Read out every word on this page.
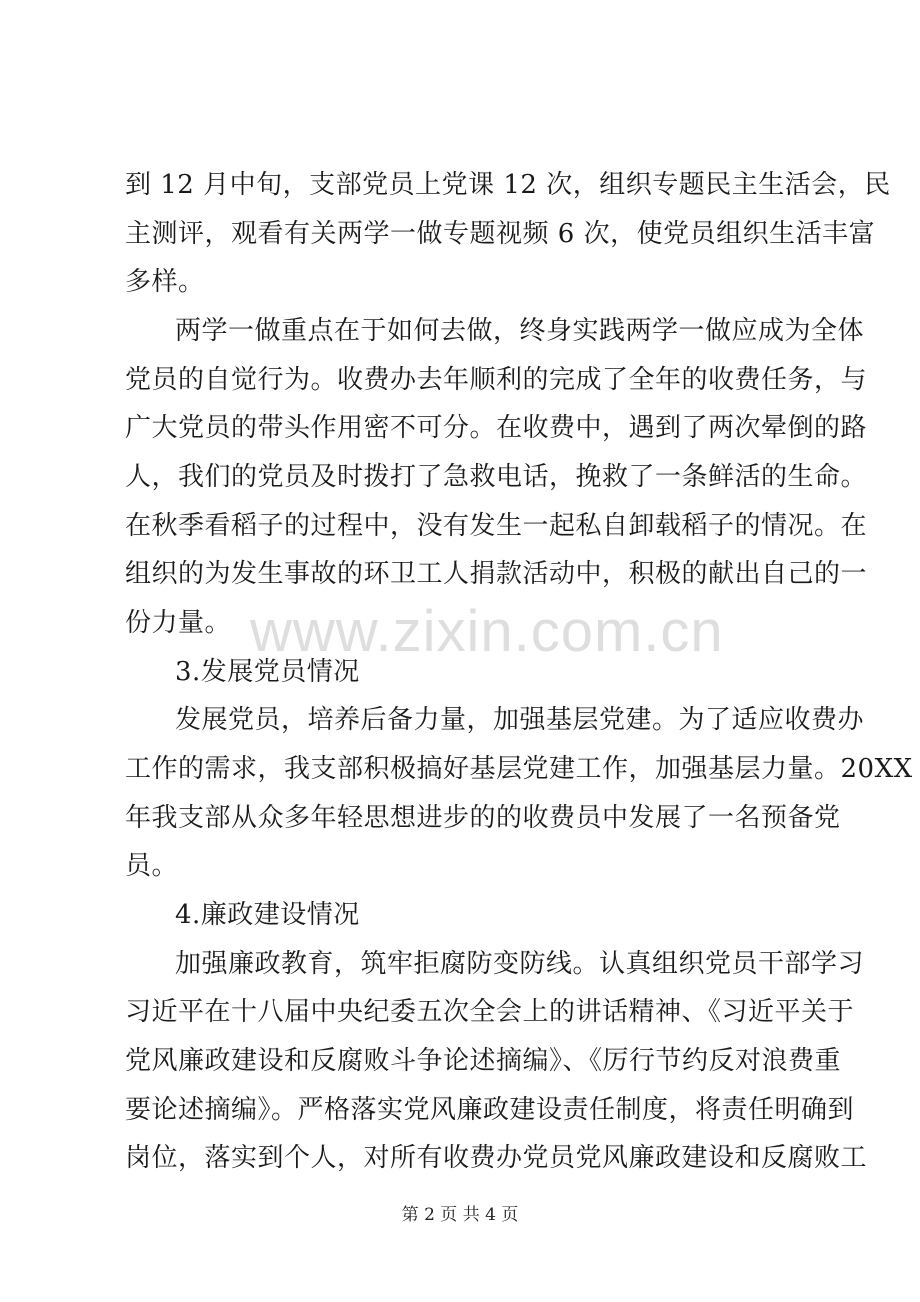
到 12 月中旬，支部党员上党课 12 次，组织专题民主生活会，民
主测评，观看有关两学一做专题视频 6 次，使党员组织生活丰富
多样。
两学一做重点在于如何去做，终身实践两学一做应成为全体
党员的自觉行为。收费办去年顺利的完成了全年的收费任务，与
广大党员的带头作用密不可分。在收费中，遇到了两次晕倒的路
人，我们的党员及时拨打了急救电话，挽救了一条鲜活的生命。
在秋季看稻子的过程中，没有发生一起私自卸载稻子的情况。在
组织的为发生事故的环卫工人捐款活动中，积极的献出自己的一
份力量。
3.发展党员情况
发展党员，培养后备力量，加强基层党建。为了适应收费办
工作的需求，我支部积极搞好基层党建工作，加强基层力量。20XX
年我支部从众多年轻思想进步的的收费员中发展了一名预备党
员。
4.廉政建设情况
加强廉政教育，筑牢拒腐防变防线。认真组织党员干部学习
习近平在十八届中央纪委五次全会上的讲话精神、《习近平关于
党风廉政建设和反腐败斗争论述摘编》、《厉行节约反对浪费重
要论述摘编》。严格落实党风廉政建设责任制度，将责任明确到
岗位，落实到个人，对所有收费办党员党风廉政建设和反腐败工
www.zixin.com.cn
第 2 页 共 4 页
